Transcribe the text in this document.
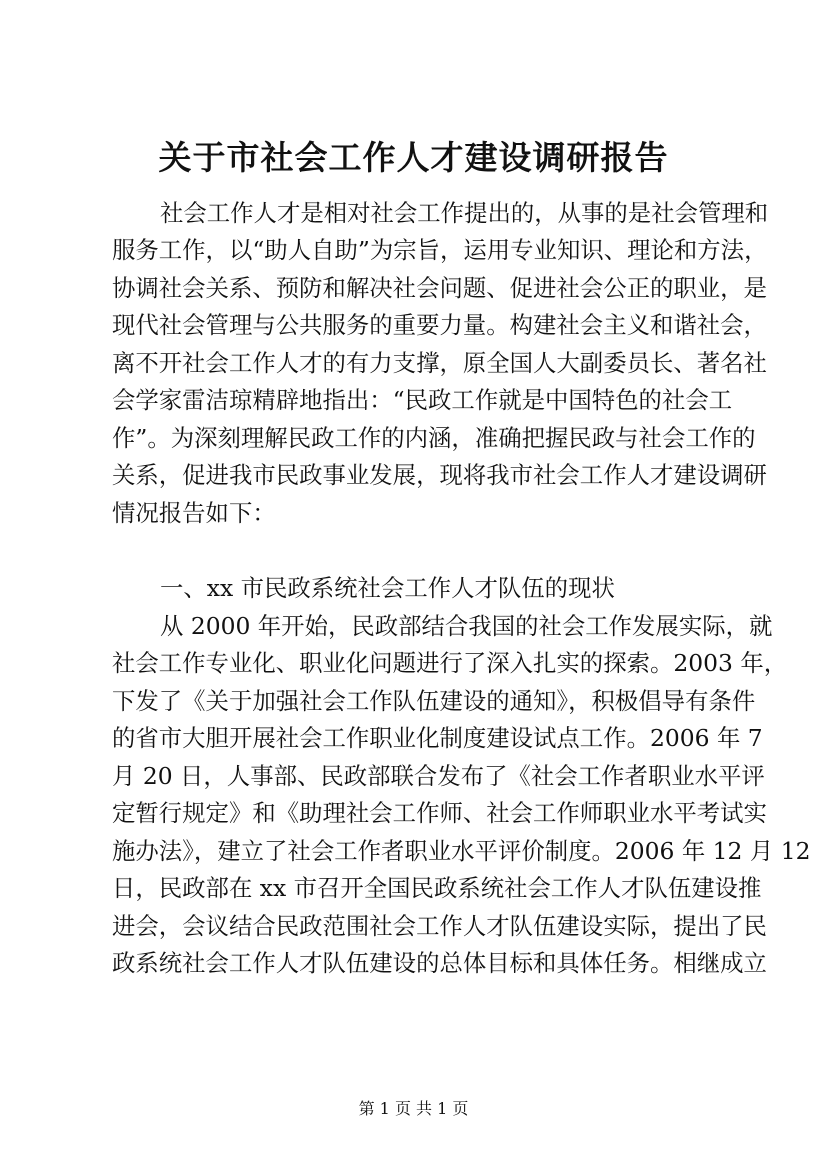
关于市社会工作人才建设调研报告
社会工作人才是相对社会工作提出的，从事的是社会管理和
服务工作，以“助人自助”为宗旨，运用专业知识、理论和方法，
协调社会关系、预防和解决社会问题、促进社会公正的职业，是
现代社会管理与公共服务的重要力量。构建社会主义和谐社会，
离不开社会工作人才的有力支撑，原全国人大副委员长、著名社
会学家雷洁琼精辟地指出：“民政工作就是中国特色的社会工
作”。为深刻理解民政工作的内涵，准确把握民政与社会工作的
关系，促进我市民政事业发展，现将我市社会工作人才建设调研
情况报告如下：
一、xx 市民政系统社会工作人才队伍的现状
从 2000 年开始，民政部结合我国的社会工作发展实际，就
社会工作专业化、职业化问题进行了深入扎实的探索。2003 年，
下发了《关于加强社会工作队伍建设的通知》，积极倡导有条件
的省市大胆开展社会工作职业化制度建设试点工作。2006 年 7
月 20 日，人事部、民政部联合发布了《社会工作者职业水平评
定暂行规定》和《助理社会工作师、社会工作师职业水平考试实
施办法》，建立了社会工作者职业水平评价制度。2006 年 12 月 12
日，民政部在 xx 市召开全国民政系统社会工作人才队伍建设推
进会，会议结合民政范围社会工作人才队伍建设实际，提出了民
政系统社会工作人才队伍建设的总体目标和具体任务。相继成立
第 1 页 共 1 页
